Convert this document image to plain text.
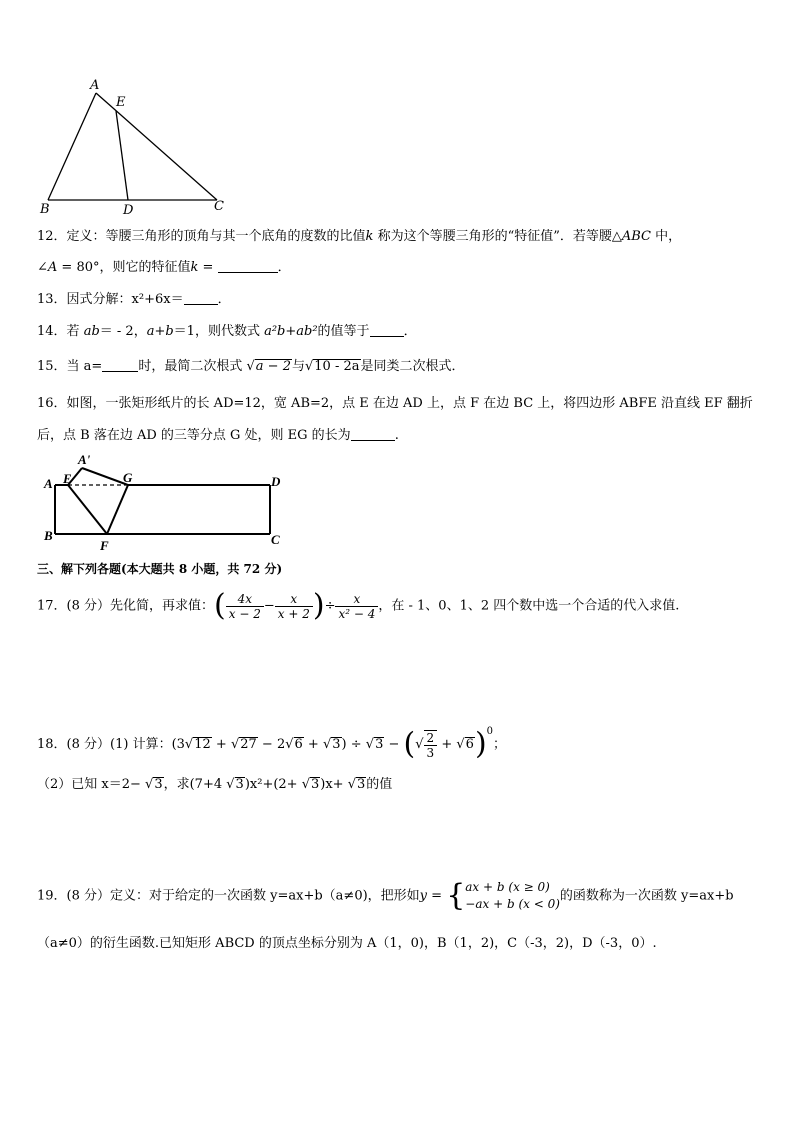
A
E
B	D	C
12．定义：等腰三角形的顶角与其一个底角的度数的比值k 称为这个等腰三角形的“特征值”．若等腰△ABC 中，
∠A = 80°，则它的特征值k =	．
13．因式分解：x²+6x＝	．
14．若 ab＝ - 2，a+b＝1，则代数式 a²b+ab²的值等于	．
15．当 a=	时，最简二次根式 √a − 2与√10 - 2a是同类二次根式．
16．如图，一张矩形纸片的长 AD=12，宽 AB=2，点 E 在边 AD 上，点 F 在边 BC 上，将四边形 ABFE 沿直线 EF 翻折
后，点 B 落在边 AD 的三等分点 G 处，则 EG 的长为	.
A'
A E	G	D
B
F	C
三、解下列各题(本大题共 8 小题，共 72 分)
17．(8 分）先化简，再求值：( $\frac{4x}{x - 2} - \frac{x}{x + 2}$ )÷ $\frac{x}{\text{x² − 4}}$ ，在 - 1、0、1、2 四个数中选一个合适的代入求值.
18．(8 分）(1) 计算：(3√12 + √27 − 2√6 + √3) ÷ √3 − (√ $\frac{2}{3} + √6)^0$；
（2）已知 x＝2− √3，求(7+4 √3)x²+(2+ √3)x+ √3的值
19．(8 分）定义：对于给定的一次函数 y=ax+b（a≠0)，把形如y = { ax + b (x ≥ 0)
−ax + b (x < 0)
的函数称为一次函数 y=ax+b
（a≠0）的衍生函数.已知矩形 ABCD 的顶点坐标分别为 A（1，0)，B（1，2)，C（-3，2)，D（-3，0）.
